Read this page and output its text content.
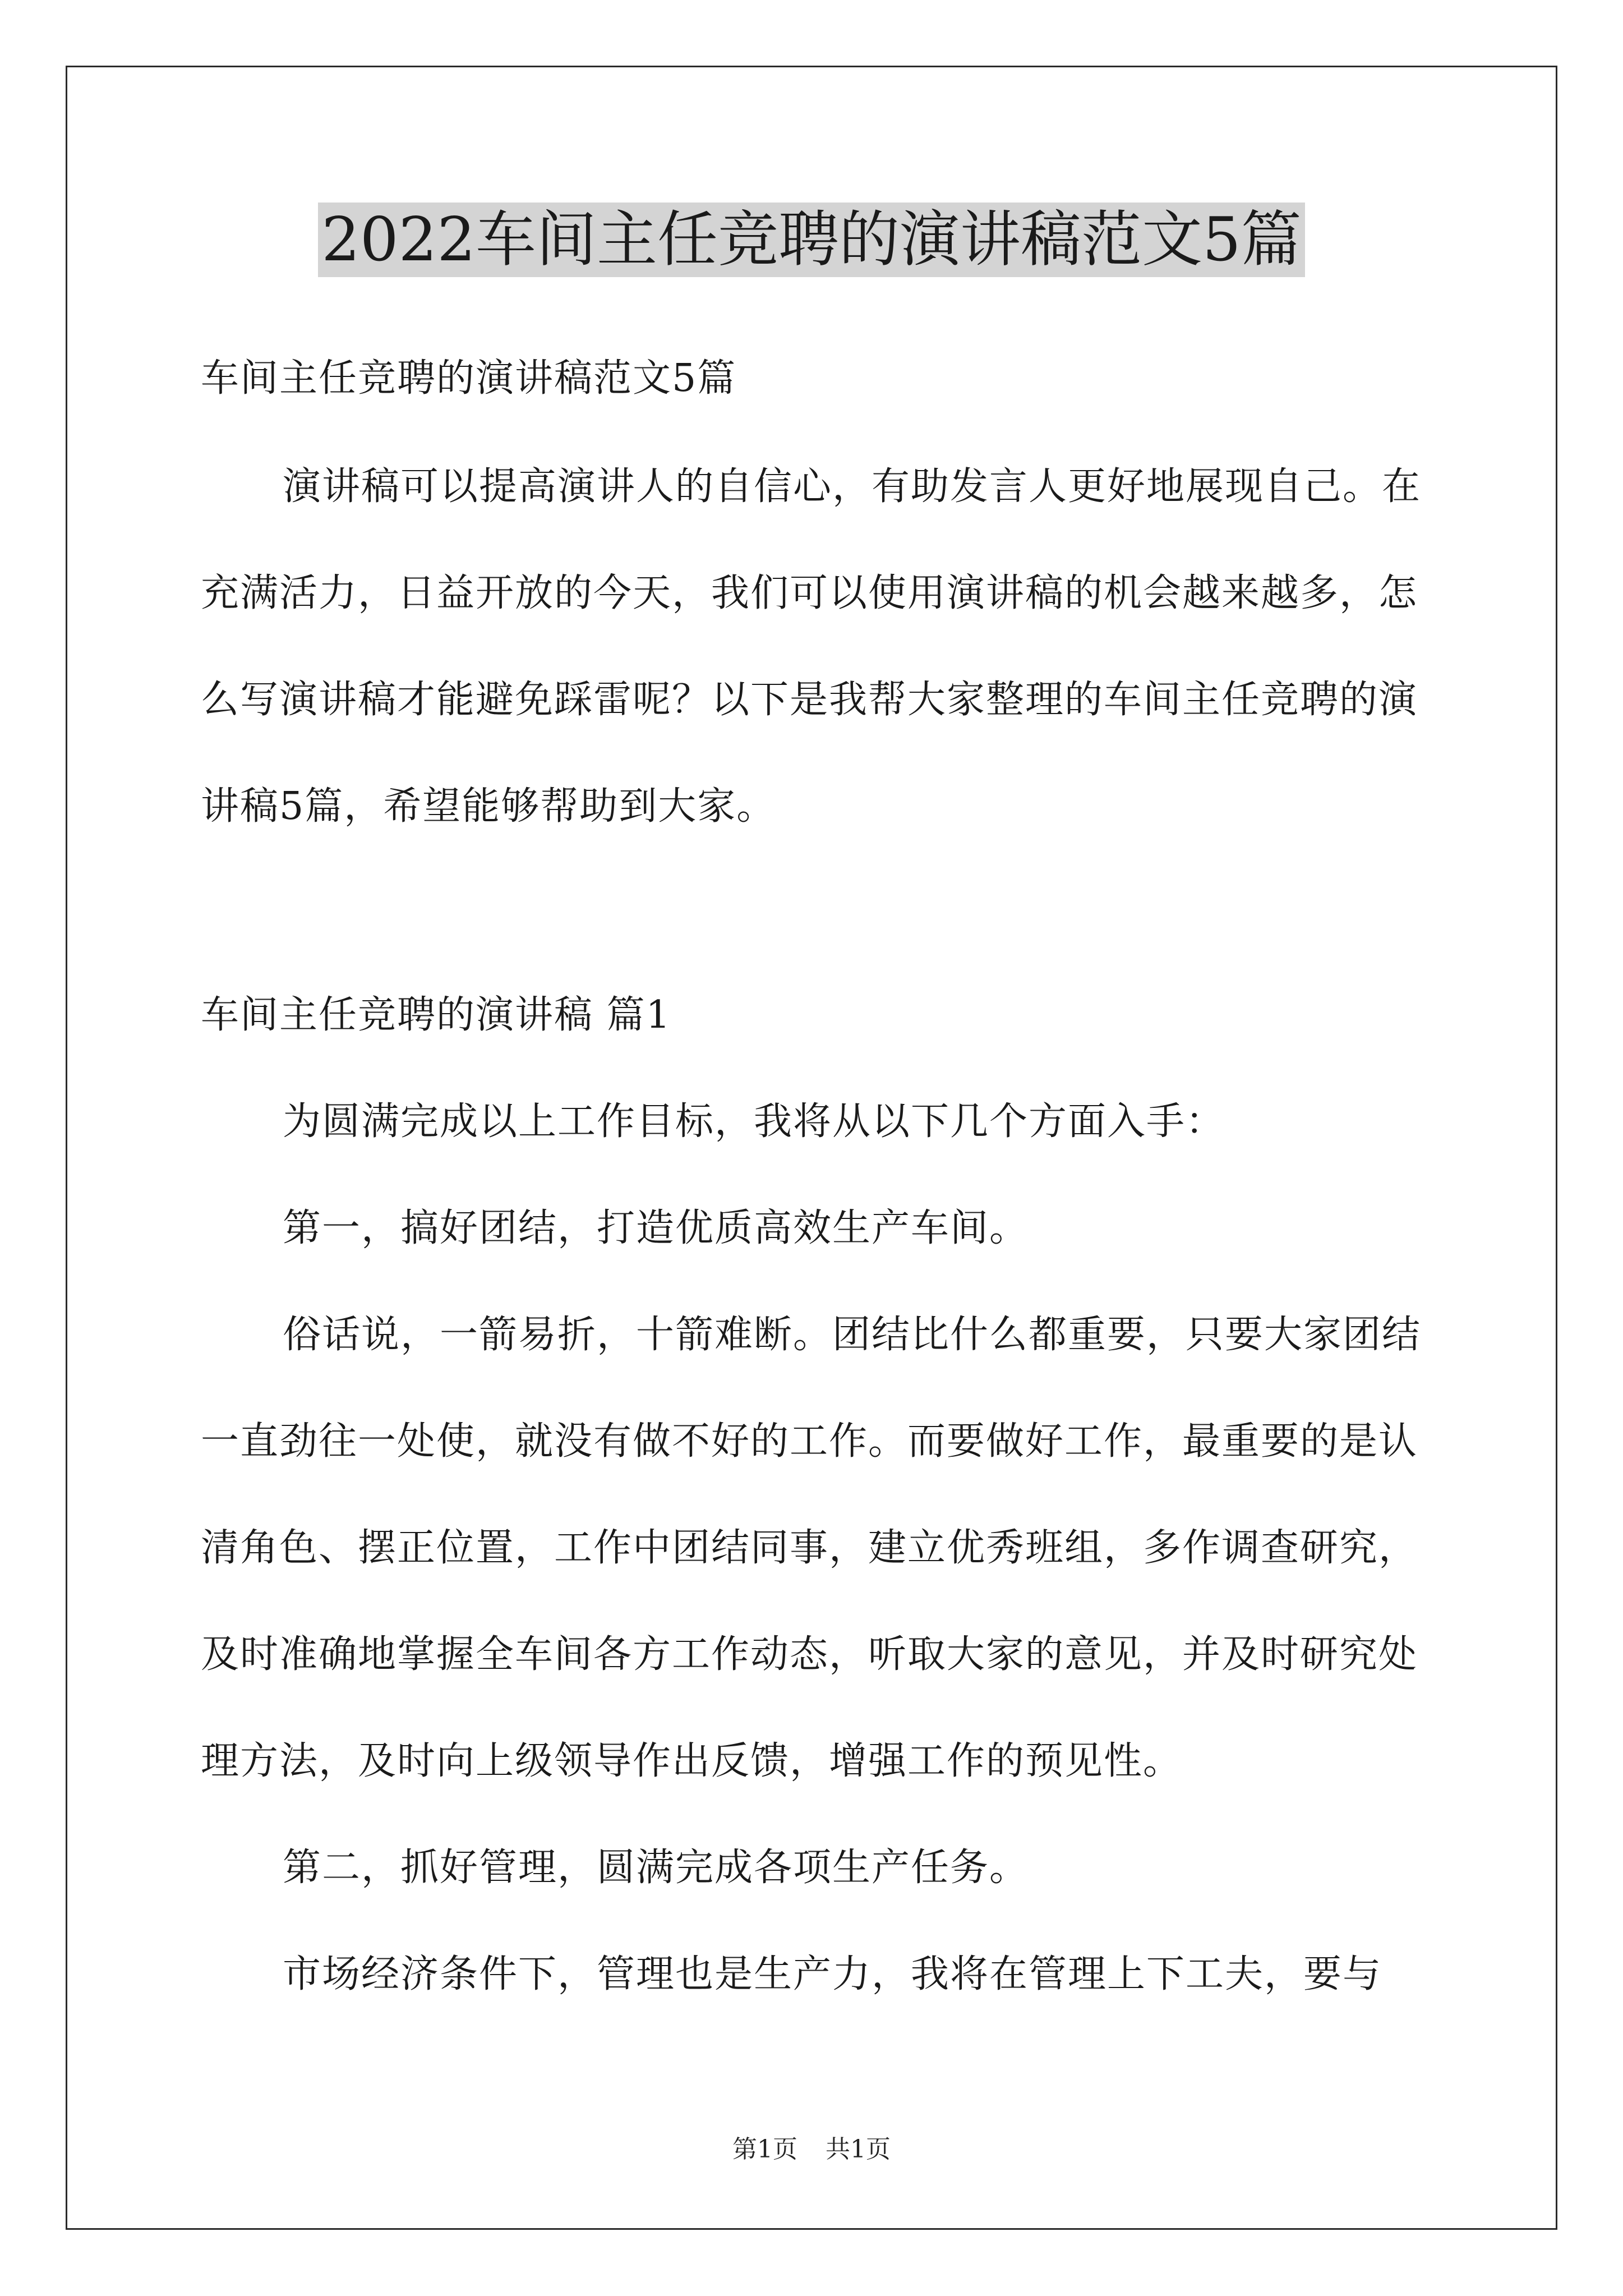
2022车间主任竞聘的演讲稿范文5篇
车间主任竞聘的演讲稿范文5篇

演讲稿可以提高演讲人的自信心，有助发言人更好地展现自己。在充满活力，日益开放的今天，我们可以使用演讲稿的机会越来越多，怎么写演讲稿才能避免踩雷呢？以下是我帮大家整理的车间主任竞聘的演讲稿5篇，希望能够帮助到大家。

车间主任竞聘的演讲稿 篇1

为圆满完成以上工作目标，我将从以下几个方面入手：

第一，搞好团结，打造优质高效生产车间。

俗话说，一箭易折，十箭难断。团结比什么都重要，只要大家团结一直劲往一处使，就没有做不好的工作。而要做好工作，最重要的是认清角色、摆正位置，工作中团结同事，建立优秀班组，多作调查研究，及时准确地掌握全车间各方工作动态，听取大家的意见，并及时研究处理方法，及时向上级领导作出反馈，增强工作的预见性。

第二，抓好管理，圆满完成各项生产任务。

市场经济条件下，管理也是生产力，我将在管理上下工夫，要与

第1页 共1页
